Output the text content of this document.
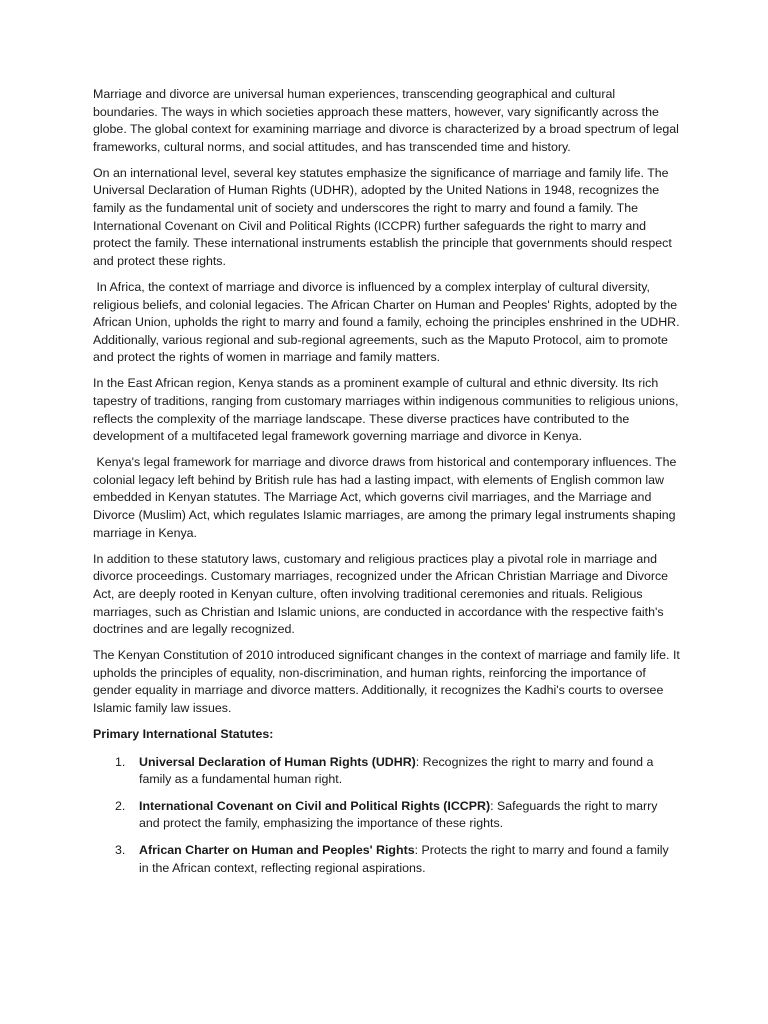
Marriage and divorce are universal human experiences, transcending geographical and cultural boundaries. The ways in which societies approach these matters, however, vary significantly across the globe. The global context for examining marriage and divorce is characterized by a broad spectrum of legal frameworks, cultural norms, and social attitudes, and has transcended time and history.

On an international level, several key statutes emphasize the significance of marriage and family life. The Universal Declaration of Human Rights (UDHR), adopted by the United Nations in 1948, recognizes the family as the fundamental unit of society and underscores the right to marry and found a family. The International Covenant on Civil and Political Rights (ICCPR) further safeguards the right to marry and protect the family. These international instruments establish the principle that governments should respect and protect these rights.

In Africa, the context of marriage and divorce is influenced by a complex interplay of cultural diversity, religious beliefs, and colonial legacies. The African Charter on Human and Peoples' Rights, adopted by the African Union, upholds the right to marry and found a family, echoing the principles enshrined in the UDHR. Additionally, various regional and sub-regional agreements, such as the Maputo Protocol, aim to promote and protect the rights of women in marriage and family matters.

In the East African region, Kenya stands as a prominent example of cultural and ethnic diversity. Its rich tapestry of traditions, ranging from customary marriages within indigenous communities to religious unions, reflects the complexity of the marriage landscape. These diverse practices have contributed to the development of a multifaceted legal framework governing marriage and divorce in Kenya.

Kenya's legal framework for marriage and divorce draws from historical and contemporary influences. The colonial legacy left behind by British rule has had a lasting impact, with elements of English common law embedded in Kenyan statutes. The Marriage Act, which governs civil marriages, and the Marriage and Divorce (Muslim) Act, which regulates Islamic marriages, are among the primary legal instruments shaping marriage in Kenya.

In addition to these statutory laws, customary and religious practices play a pivotal role in marriage and divorce proceedings. Customary marriages, recognized under the African Christian Marriage and Divorce Act, are deeply rooted in Kenyan culture, often involving traditional ceremonies and rituals. Religious marriages, such as Christian and Islamic unions, are conducted in accordance with the respective faith's doctrines and are legally recognized.

The Kenyan Constitution of 2010 introduced significant changes in the context of marriage and family life. It upholds the principles of equality, non-discrimination, and human rights, reinforcing the importance of gender equality in marriage and divorce matters. Additionally, it recognizes the Kadhi's courts to oversee Islamic family law issues.

Primary International Statutes:

1. Universal Declaration of Human Rights (UDHR): Recognizes the right to marry and found a family as a fundamental human right.
2. International Covenant on Civil and Political Rights (ICCPR): Safeguards the right to marry and protect the family, emphasizing the importance of these rights.
3. African Charter on Human and Peoples' Rights: Protects the right to marry and found a family in the African context, reflecting regional aspirations.
